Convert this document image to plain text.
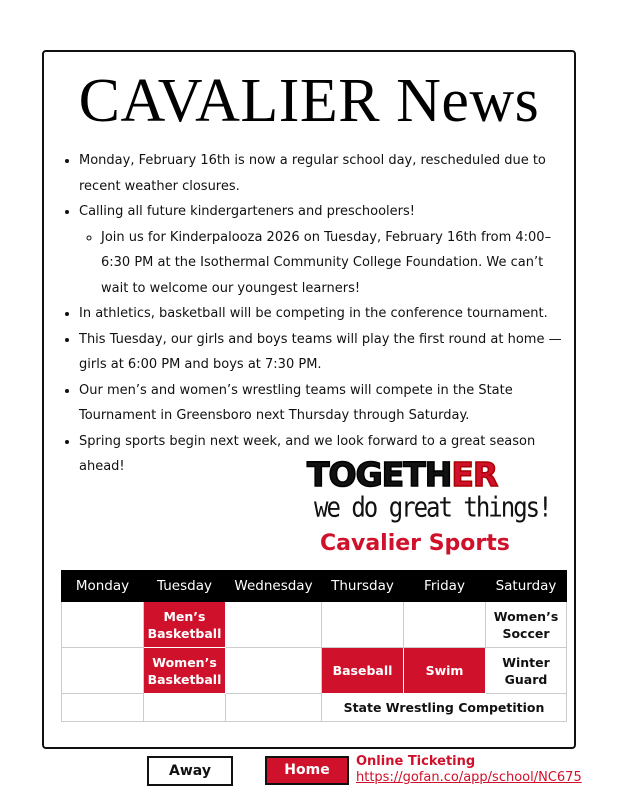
CAVALIER News
• Monday, February 16th is now a regular school day, rescheduled due to recent weather closures.
• Calling all future kindergarteners and preschoolers!
◦ Join us for Kinderpalooza 2026 on Tuesday, February 16th from 4:00–6:30 PM at the Isothermal Community College Foundation. We can’t wait to welcome our youngest learners!
• In athletics, basketball will be competing in the conference tournament.
• This Tuesday, our girls and boys teams will play the first round at home — girls at 6:00 PM and boys at 7:30 PM.
• Our men’s and women’s wrestling teams will compete in the State Tournament in Greensboro next Thursday through Saturday.
• Spring sports begin next week, and we look forward to a great season ahead!	TOGETHER
we do great things!
Cavalier Sports
Monday	Tuesday	Wednesday	Thursday	Friday	Saturday
	Men’s Basketball				Women’s Soccer
	Women’s Basketball		Baseball	Swim	Winter Guard
			State Wrestling Competition		
Away	Home
Online Ticketing
https://gofan.co/app/school/NC675
